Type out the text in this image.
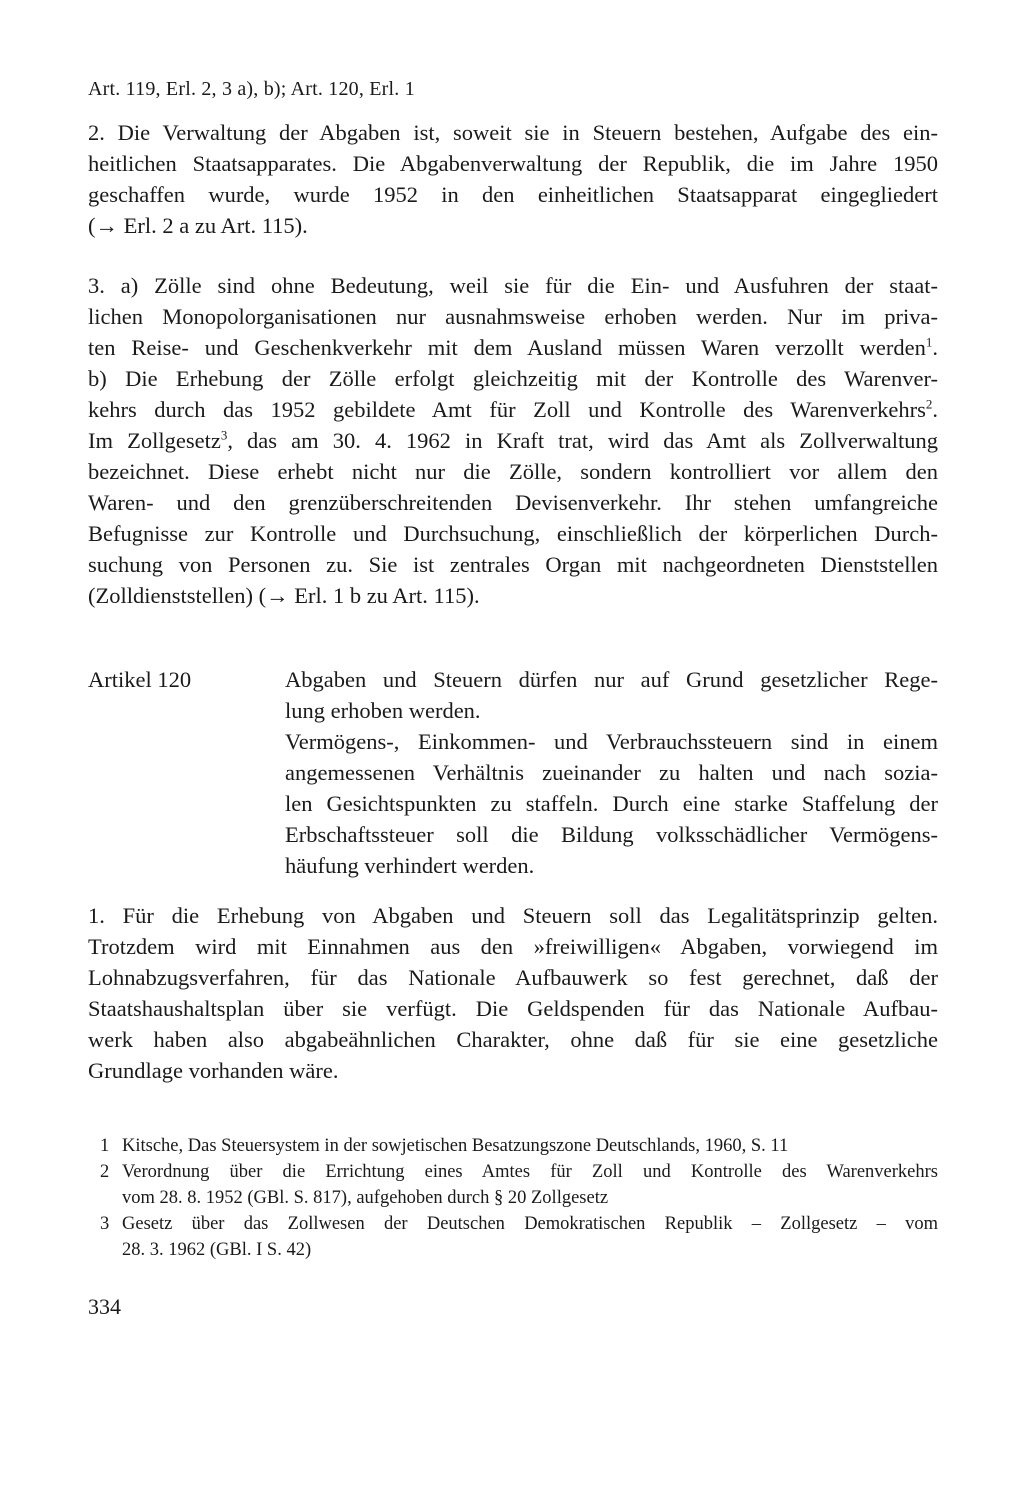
Art. 119, Erl. 2, 3 a), b); Art. 120, Erl. 1
2. Die Verwaltung der Abgaben ist, soweit sie in Steuern bestehen, Aufgabe des ein-
heitlichen Staatsapparates. Die Abgabenverwaltung der Republik, die im Jahre 1950
geschaffen wurde, wurde 1952 in den einheitlichen Staatsapparat eingegliedert
(→ Erl. 2 a zu Art. 115).
3. a) Zölle sind ohne Bedeutung, weil sie für die Ein- und Ausfuhren der staat-
lichen Monopolorganisationen nur ausnahmsweise erhoben werden. Nur im priva-
ten Reise- und Geschenkverkehr mit dem Ausland müssen Waren verzollt werden$^1$.
b) Die Erhebung der Zölle erfolgt gleichzeitig mit der Kontrolle des Warenver-
kehrs durch das 1952 gebildete Amt für Zoll und Kontrolle des Warenverkehrs$^2$.
Im Zollgesetz$^3$, das am 30. 4. 1962 in Kraft trat, wird das Amt als Zollverwaltung
bezeichnet. Diese erhebt nicht nur die Zölle, sondern kontrolliert vor allem den
Waren- und den grenzüberschreitenden Devisenverkehr. Ihr stehen umfangreiche
Befugnisse zur Kontrolle und Durchsuchung, einschließlich der körperlichen Durch-
suchung von Personen zu. Sie ist zentrales Organ mit nachgeordneten Dienststellen
(Zolldienststellen) (→ Erl. 1 b zu Art. 115).
Artikel 120	Abgaben und Steuern dürfen nur auf Grund gesetzlicher Rege-
lung erhoben werden.
Vermögens-, Einkommen- und Verbrauchssteuern sind in einem
angemessenen Verhältnis zueinander zu halten und nach sozia-
len Gesichtspunkten zu staffeln. Durch eine starke Staffelung der
Erbschaftssteuer soll die Bildung volksschädlicher Vermögens-
häufung verhindert werden.
1. Für die Erhebung von Abgaben und Steuern soll das Legalitätsprinzip gelten.
Trotzdem wird mit Einnahmen aus den »freiwilligen« Abgaben, vorwiegend im
Lohnabzugsverfahren, für das Nationale Aufbauwerk so fest gerechnet, daß der
Staatshaushaltsplan über sie verfügt. Die Geldspenden für das Nationale Aufbau-
werk haben also abgabeähnlichen Charakter, ohne daß für sie eine gesetzliche
Grundlage vorhanden wäre.
1 Kitsche, Das Steuersystem in der sowjetischen Besatzungszone Deutschlands, 1960, S. 11
2 Verordnung über die Errichtung eines Amtes für Zoll und Kontrolle des Warenverkehrs
vom 28. 8. 1952 (GBl. S. 817), aufgehoben durch § 20 Zollgesetz
3 Gesetz über das Zollwesen der Deutschen Demokratischen Republik – Zollgesetz – vom
28. 3. 1962 (GBl. I S. 42)
334
